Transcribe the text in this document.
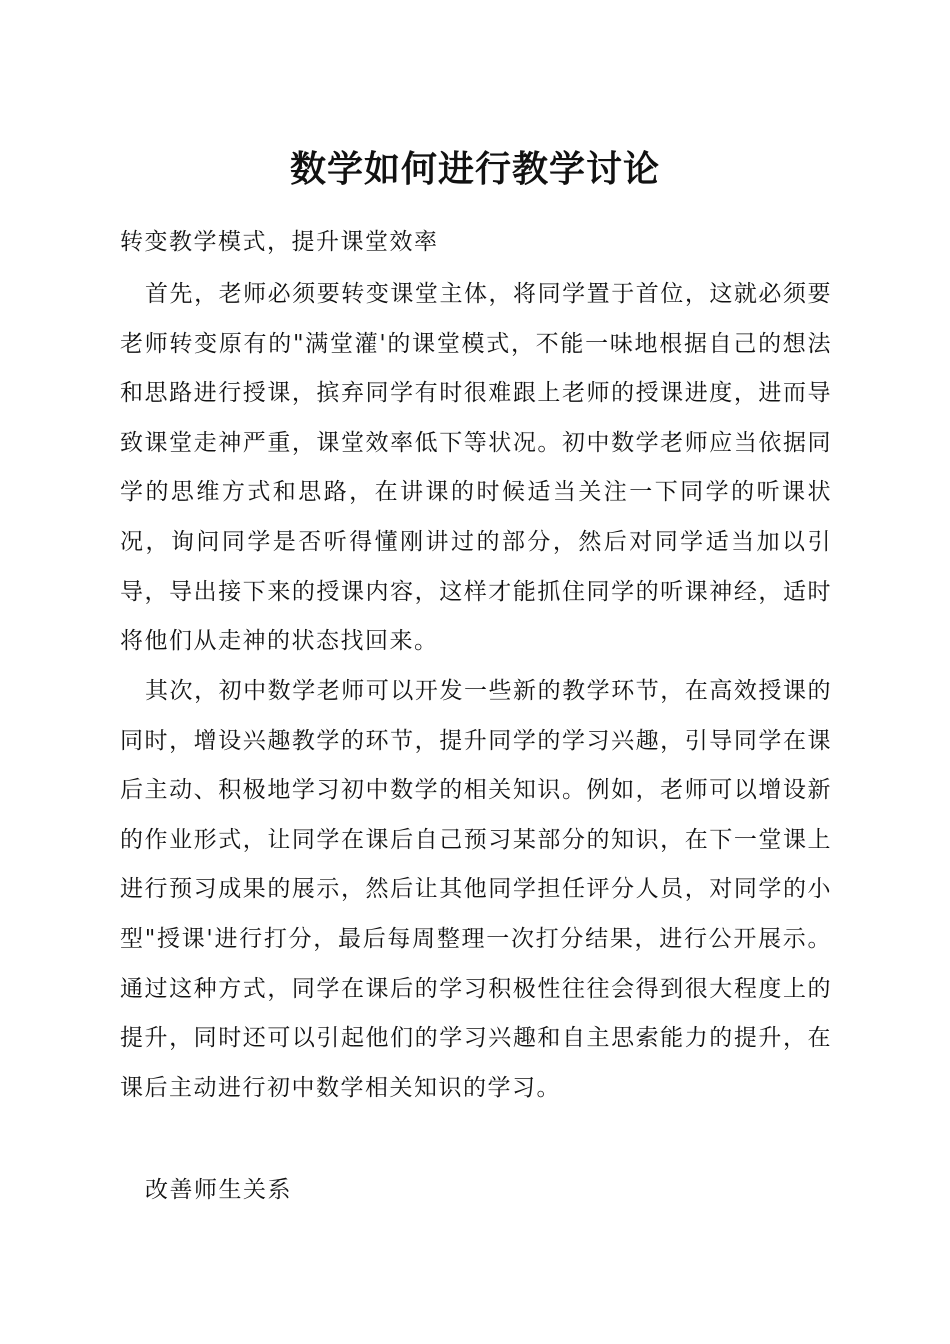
数学如何进行教学讨论
转变教学模式，提升课堂效率
首先，老师必须要转变课堂主体，将同学置于首位，这就必须要老师转变原有的"满堂灌'的课堂模式，不能一味地根据自己的想法和思路进行授课，摈弃同学有时很难跟上老师的授课进度，进而导致课堂走神严重，课堂效率低下等状况。初中数学老师应当依据同学的思维方式和思路，在讲课的时候适当关注一下同学的听课状况，询问同学是否听得懂刚讲过的部分，然后对同学适当加以引导，导出接下来的授课内容，这样才能抓住同学的听课神经，适时将他们从走神的状态找回来。
其次，初中数学老师可以开发一些新的教学环节，在高效授课的同时，增设兴趣教学的环节，提升同学的学习兴趣，引导同学在课后主动、积极地学习初中数学的相关知识。例如，老师可以增设新的作业形式，让同学在课后自己预习某部分的知识，在下一堂课上进行预习成果的展示，然后让其他同学担任评分人员，对同学的小型"授课'进行打分，最后每周整理一次打分结果，进行公开展示。通过这种方式，同学在课后的学习积极性往往会得到很大程度上的提升，同时还可以引起他们的学习兴趣和自主思索能力的提升，在课后主动进行初中数学相关知识的学习。
改善师生关系
